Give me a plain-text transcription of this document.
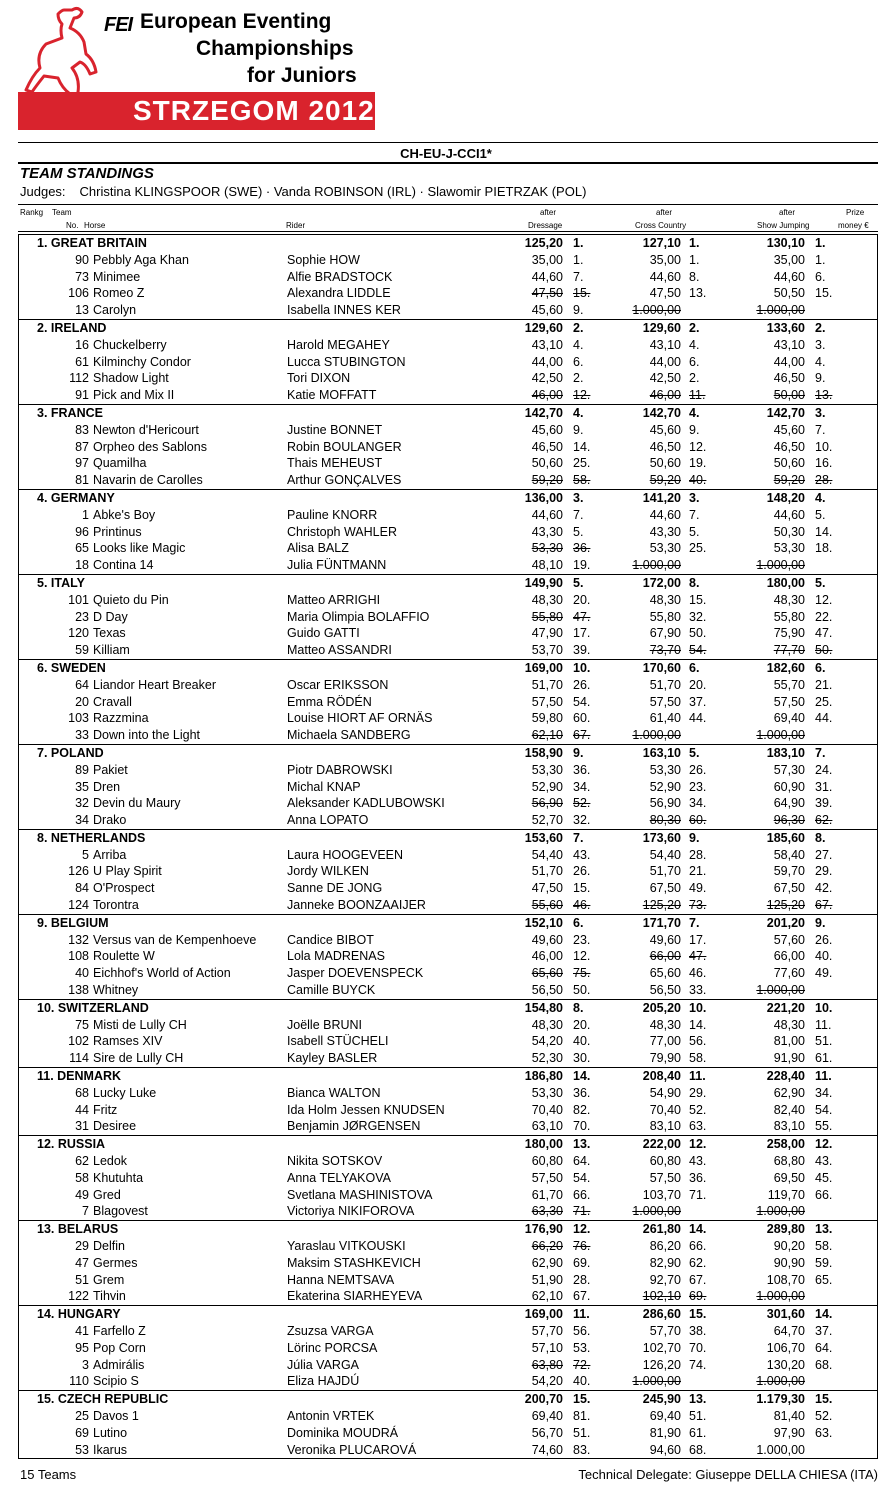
FEI European Eventing
Championships
for Juniors
STRZEGOM 2012
CH-EU-J-CCI1*
TEAM STANDINGS
Judges: Christina KLINGSPOOR (SWE) · Vanda ROBINSON (IRL) · Slawomir PIETRZAK (POL)
Rankg Team
No. Horse	Rider
after
Dressage
after
Cross Country
after
Show Jumping
Prize
money €
1. GREAT BRITAIN	125,20 1.	127,10 1.	130,10 1.
90 Pebbly Aga Khan	Sophie HOW	35,00 1.	35,00 1.	35,00 1.
73 Minimee	Alfie BRADSTOCK	44,60 7.	44,60 8.	44,60 6.
106 Romeo Z	Alexandra LIDDLE	47,50 15.	47,50 13.	50,50 15.
13 Carolyn	Isabella INNES KER	45,60 9.	1.000,00	1.000,00
2. IRELAND	129,60 2.	129,60 2.	133,60 2.
16 Chuckelberry	Harold MEGAHEY	43,10 4.	43,10 4.	43,10 3.
61 Kilminchy Condor	Lucca STUBINGTON	44,00 6.	44,00 6.	44,00 4.
112 Shadow Light	Tori DIXON	42,50 2.	42,50 2.	46,50 9.
91 Pick and Mix II	Katie MOFFATT	46,00 12.	46,00 11.	50,00 13.
3. FRANCE	142,70 4.	142,70 4.	142,70 3.
83 Newton d'Hericourt	Justine BONNET	45,60 9.	45,60 9.	45,60 7.
87 Orpheo des Sablons	Robin BOULANGER	46,50 14.	46,50 12.	46,50 10.
97 Quamilha	Thais MEHEUST	50,60 25.	50,60 19.	50,60 16.
81 Navarin de Carolles	Arthur GONÇALVES	59,20 58.	59,20 40.	59,20 28.
4. GERMANY	136,00 3.	141,20 3.	148,20 4.
1 Abke's Boy	Pauline KNORR	44,60 7.	44,60 7.	44,60 5.
96 Printinus	Christoph WAHLER	43,30 5.	43,30 5.	50,30 14.
65 Looks like Magic	Alisa BALZ	53,30 36.	53,30 25.	53,30 18.
18 Contina 14	Julia FÜNTMANN	48,10 19.	1.000,00	1.000,00
5. ITALY	149,90 5.	172,00 8.	180,00 5.
101 Quieto du Pin	Matteo ARRIGHI	48,30 20.	48,30 15.	48,30 12.
23 D Day	Maria Olimpia BOLAFFIO	55,80 47.	55,80 32.	55,80 22.
120 Texas	Guido GATTI	47,90 17.	67,90 50.	75,90 47.
59 Killiam	Matteo ASSANDRI	53,70 39.	73,70 54.	77,70 50.
6. SWEDEN	169,00 10.	170,60 6.	182,60 6.
64 Liandor Heart Breaker	Oscar ERIKSSON	51,70 26.	51,70 20.	55,70 21.
20 Cravall	Emma RÖDÉN	57,50 54.	57,50 37.	57,50 25.
103 Razzmina	Louise HIORT AF ORNÄS	59,80 60.	61,40 44.	69,40 44.
33 Down into the Light	Michaela SANDBERG	62,10 67.	1.000,00	1.000,00
7. POLAND	158,90 9.	163,10 5.	183,10 7.
89 Pakiet	Piotr DABROWSKI	53,30 36.	53,30 26.	57,30 24.
35 Dren	Michal KNAP	52,90 34.	52,90 23.	60,90 31.
32 Devin du Maury	Aleksander KADLUBOWSKI	56,90 52.	56,90 34.	64,90 39.
34 Drako	Anna LOPATO	52,70 32.	80,30 60.	96,30 62.
8. NETHERLANDS	153,60 7.	173,60 9.	185,60 8.
5 Arriba	Laura HOOGEVEEN	54,40 43.	54,40 28.	58,40 27.
126 U Play Spirit	Jordy WILKEN	51,70 26.	51,70 21.	59,70 29.
84 O'Prospect	Sanne DE JONG	47,50 15.	67,50 49.	67,50 42.
124 Torontra	Janneke BOONZAAIJER	55,60 46.	125,20 73.	125,20 67.
9. BELGIUM	152,10 6.	171,70 7.	201,20 9.
132 Versus van de Kempenhoeve Candice BIBOT	49,60 23.	49,60 17.	57,60 26.
108 Roulette W	Lola MADRENAS	46,00 12.	66,00 47.	66,00 40.
40 Eichhof's World of Action	Jasper DOEVENSPECK	65,60 75.	65,60 46.	77,60 49.
138 Whitney	Camille BUYCK	56,50 50.	56,50 33.	1.000,00
10. SWITZERLAND	154,80 8.	205,20 10.	221,20 10.
75 Misti de Lully CH	Joëlle BRUNI	48,30 20.	48,30 14.	48,30 11.
102 Ramses XIV	Isabell STÜCHELI	54,20 40.	77,00 56.	81,00 51.
114 Sire de Lully CH	Kayley BASLER	52,30 30.	79,90 58.	91,90 61.
11. DENMARK	186,80 14.	208,40 11.	228,40 11.
68 Lucky Luke	Bianca WALTON	53,30 36.	54,90 29.	62,90 34.
44 Fritz	Ida Holm Jessen KNUDSEN	70,40 82.	70,40 52.	82,40 54.
31 Desiree	Benjamin JØRGENSEN	63,10 70.	83,10 63.	83,10 55.
12. RUSSIA	180,00 13.	222,00 12.	258,00 12.
62 Ledok	Nikita SOTSKOV	60,80 64.	60,80 43.	68,80 43.
58 Khutuhta	Anna TELYAKOVA	57,50 54.	57,50 36.	69,50 45.
49 Gred	Svetlana MASHINISTOVA	61,70 66.	103,70 71.	119,70 66.
7 Blagovest	Victoriya NIKIFOROVA	63,30 71.	1.000,00	1.000,00
13. BELARUS	176,90 12.	261,80 14.	289,80 13.
29 Delfin	Yaraslau VITKOUSKI	66,20 76.	86,20 66.	90,20 58.
47 Germes	Maksim STASHKEVICH	62,90 69.	82,90 62.	90,90 59.
51 Grem	Hanna NEMTSAVA	51,90 28.	92,70 67.	108,70 65.
122 Tihvin	Ekaterina SIARHEYEVA	62,10 67.	102,10 69.	1.000,00
14. HUNGARY	169,00 11.	286,60 15.	301,60 14.
41 Farfello Z	Zsuzsa VARGA	57,70 56.	57,70 38.	64,70 37.
95 Pop Corn	Lörinc PORCSA	57,10 53.	102,70 70.	106,70 64.
3 Admirális	Júlia VARGA	63,80 72.	126,20 74.	130,20 68.
110 Scipio S	Eliza HAJDÚ	54,20 40.	1.000,00	1.000,00
15. CZECH REPUBLIC	200,70 15.	245,90 13.	1.179,30 15.
25 Davos 1	Antonin VRTEK	69,40 81.	69,40 51.	81,40 52.
69 Lutino	Dominika MOUDRÁ	56,70 51.	81,90 61.	97,90 63.
53 Ikarus	Veronika PLUCAROVÁ	74,60 83.	94,60 68.	1.000,00
15 Teams	Technical Delegate: Giuseppe DELLA CHIESA (ITA)
